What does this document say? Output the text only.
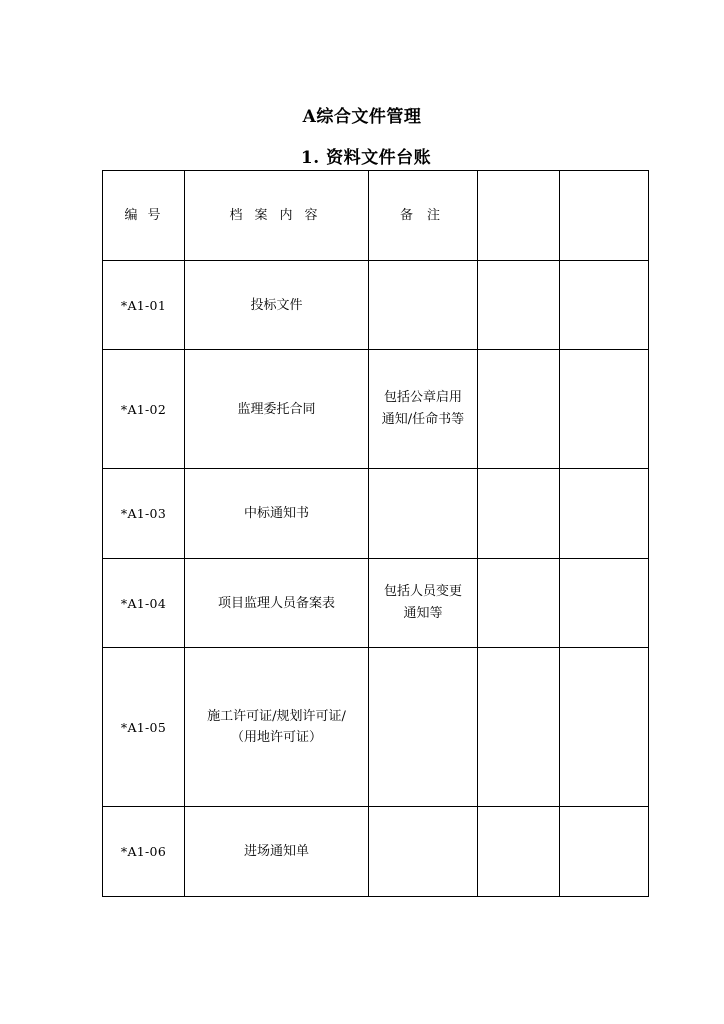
A综合文件管理
1. 资料文件台账
编号	档案内容	备注		
*A1-01	投标文件			
*A1-02	监理委托合同	包括公章启用
通知/任命书等		
*A1-03	中标通知书			
*A1-04	项目监理人员备案表	包括人员变更
通知等		
*A1-05	施工许可证/规划许可证/
（用地许可证）			
*A1-06	进场通知单			
